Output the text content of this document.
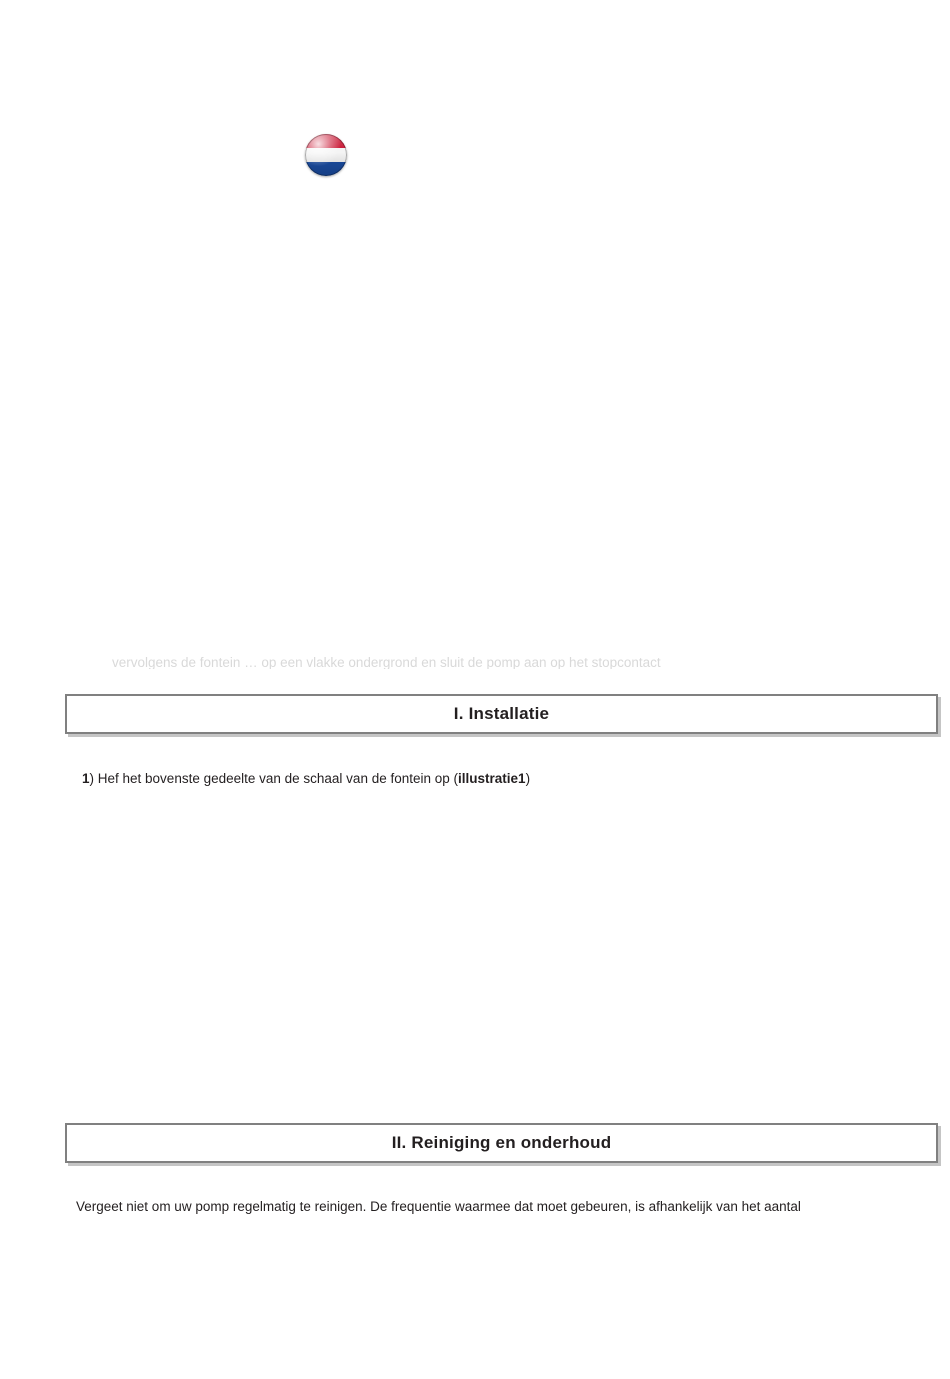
vervolgens de fontein … op een vlakke ondergrond en sluit de pomp aan op het stopcontact
I. Installatie
1) Hef het bovenste gedeelte van de schaal van de fontein op (illustratie1)
II. Reiniging en onderhoud
Vergeet niet om uw pomp regelmatig te reinigen. De frequentie waarmee dat moet gebeuren, is afhankelijk van het aantal
